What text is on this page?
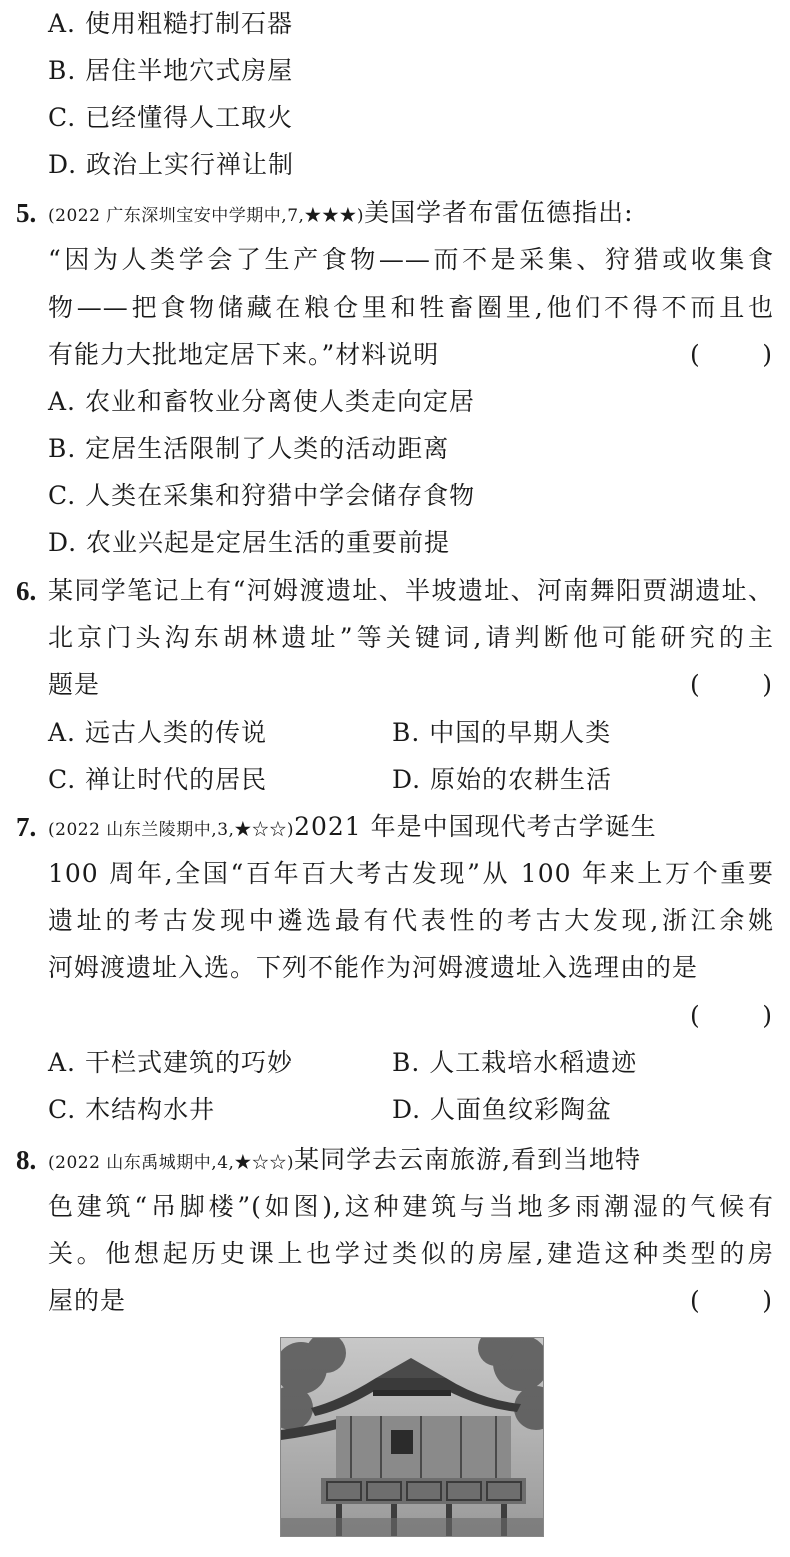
A. 使用粗糙打制石器
B. 居住半地穴式房屋
C. 已经懂得人工取火
D. 政治上实行禅让制
5. (2022 广东深圳宝安中学期中,7,★★★)美国学者布雷伍德指出:
“因为人类学会了生产食物——而不是采集、狩猎或收集食
物——把食物储藏在粮仓里和牲畜圈里,他们不得不而且也
有能力大批地定居下来。”材料说明	( )
A. 农业和畜牧业分离使人类走向定居
B. 定居生活限制了人类的活动距离
C. 人类在采集和狩猎中学会储存食物
D. 农业兴起是定居生活的重要前提
6. 某同学笔记上有“河姆渡遗址、半坡遗址、河南舞阳贾湖遗址、
北京门头沟东胡林遗址”等关键词,请判断他可能研究的主
题是	( )
A. 远古人类的传说	B. 中国的早期人类
C. 禅让时代的居民	D. 原始的农耕生活
7. (2022 山东兰陵期中,3,★☆☆)2021 年是中国现代考古学诞生
100 周年,全国“百年百大考古发现”从 100 年来上万个重要
遗址的考古发现中遴选最有代表性的考古大发现,浙江余姚
河姆渡遗址入选。下列不能作为河姆渡遗址入选理由的是
( )
A. 干栏式建筑的巧妙	B. 人工栽培水稻遗迹
C. 木结构水井	D. 人面鱼纹彩陶盆
8. (2022 山东禹城期中,4,★☆☆)某同学去云南旅游,看到当地特
色建筑“吊脚楼”(如图),这种建筑与当地多雨潮湿的气候有
关。他想起历史课上也学过类似的房屋,建造这种类型的房
屋的是	( )
